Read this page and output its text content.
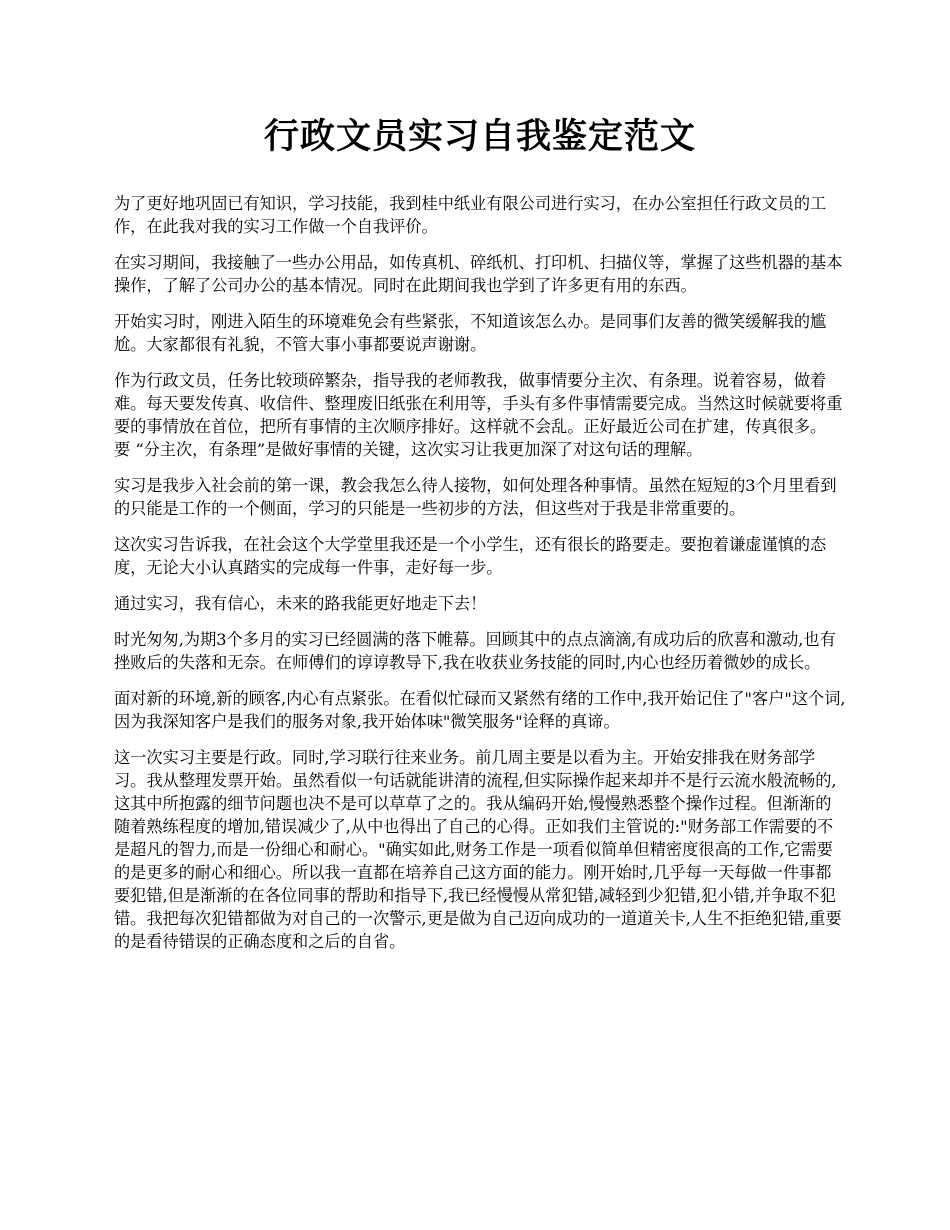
行政文员实习自我鉴定范文

为了更好地巩固已有知识，学习技能，我到桂中纸业有限公司进行实习，在办公室担任行政文员的工作，在此我对我的实习工作做一个自我评价。

在实习期间，我接触了一些办公用品，如传真机、碎纸机、打印机、扫描仪等，掌握了这些机器的基本操作，了解了公司办公的基本情况。同时在此期间我也学到了许多更有用的东西。

开始实习时，刚进入陌生的环境难免会有些紧张，不知道该怎么办。是同事们友善的微笑缓解我的尴尬。大家都很有礼貌，不管大事小事都要说声谢谢。

作为行政文员，任务比较琐碎繁杂，指导我的老师教我，做事情要分主次、有条理。说着容易，做着难。每天要发传真、收信件、整理废旧纸张在利用等，手头有多件事情需要完成。当然这时候就要将重要的事情放在首位，把所有事情的主次顺序排好。这样就不会乱。正好最近公司在扩建，传真很多。 要 “分主次，有条理”是做好事情的关键，这次实习让我更加深了对这句话的理解。

实习是我步入社会前的第一课，教会我怎么待人接物，如何处理各种事情。虽然在短短的3个月里看到的只能是工作的一个侧面，学习的只能是一些初步的方法，但这些对于我是非常重要的。

这次实习告诉我，在社会这个大学堂里我还是一个小学生，还有很长的路要走。要抱着谦虚谨慎的态度，无论大小认真踏实的完成每一件事，走好每一步。

通过实习，我有信心，未来的路我能更好地走下去！

时光匆匆,为期3个多月的实习已经圆满的落下帷幕。回顾其中的点点滴滴,有成功后的欣喜和激动,也有挫败后的失落和无奈。在师傅们的谆谆教导下,我在收获业务技能的同时,内心也经历着微妙的成长。

面对新的环境,新的顾客,内心有点紧张。在看似忙碌而又紧然有绪的工作中,我开始记住了"客户"这个词,因为我深知客户是我们的服务对象,我开始体味"微笑服务"诠释的真谛。

这一次实习主要是行政。同时,学习联行往来业务。前几周主要是以看为主。开始安排我在财务部学习。我从整理发票开始。虽然看似一句话就能讲清的流程,但实际操作起来却并不是行云流水般流畅的,这其中所抱露的细节问题也决不是可以草草了之的。我从编码开始,慢慢熟悉整个操作过程。但渐渐的随着熟练程度的增加,错误减少了,从中也得出了自己的心得。正如我们主管说的:"财务部工作需要的不是超凡的智力,而是一份细心和耐心。"确实如此,财务工作是一项看似简单但精密度很高的工作,它需要的是更多的耐心和细心。所以我一直都在培养自己这方面的能力。刚开始时,几乎每一天每做一件事都要犯错,但是渐渐的在各位同事的帮助和指导下,我已经慢慢从常犯错,减轻到少犯错,犯小错,并争取不犯错。我把每次犯错都做为对自己的一次警示,更是做为自己迈向成功的一道道关卡,人生不拒绝犯错,重要的是看待错误的正确态度和之后的自省。
